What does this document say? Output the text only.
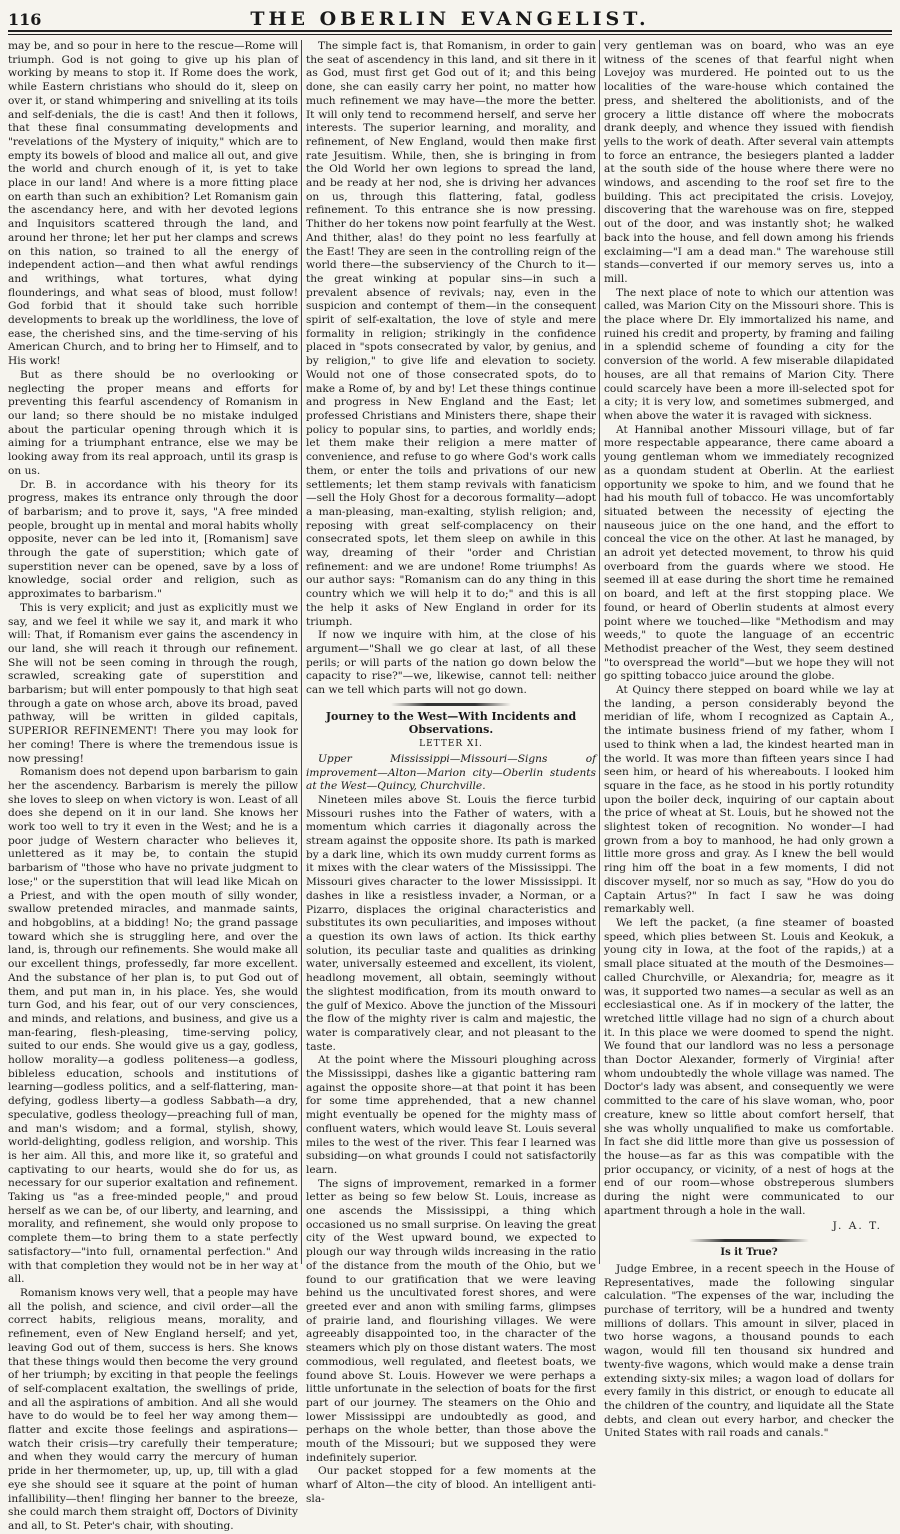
116	THE OBERLIN EVANGELIST.

may be, and so pour in here to the rescue—Rome will triumph. God is not going to give up his plan of working by means to stop it. If Rome does the work, while Eastern christians who should do it, sleep on over it, or stand whimpering and snivelling at its toils and self-denials, the die is cast! And then it follows, that these final consummating developments and "revelations of the Mystery of iniquity," which are to empty its bowels of blood and malice all out, and give the world and church enough of it, is yet to take place in our land! And where is a more fitting place on earth than such an exhibition? Let Romanism gain the ascendancy here, and with her devoted legions and Inquisitors scattered through the land, and around her throne; let her put her clamps and screws on this nation, so trained to all the energy of independent action—and then what awful rendings and writhings, what tortures, what dying flounderings, and what seas of blood, must follow! God forbid that it should take such horrible developments to break up the worldliness, the love of ease, the cherished sins, and the time-serving of his American Church, and to bring her to Himself, and to His work!

But as there should be no overlooking or neglecting the proper means and efforts for preventing this fearful ascendency of Romanism in our land; so there should be no mistake indulged about the particular opening through which it is aiming for a triumphant entrance, else we may be looking away from its real approach, until its grasp is on us.

Dr. B. in accordance with his theory for its progress, makes its entrance only through the door of barbarism; and to prove it, says, "A free minded people, brought up in mental and moral habits wholly opposite, never can be led into it, [Romanism] save through the gate of superstition; which gate of superstition never can be opened, save by a loss of knowledge, social order and religion, such as approximates to barbarism."

This is very explicit; and just as explicitly must we say, and we feel it while we say it, and mark it who will: That, if Romanism ever gains the ascendency in our land, she will reach it through our refinement. She will not be seen coming in through the rough, scrawled, screaking gate of superstition and barbarism; but will enter pompously to that high seat through a gate on whose arch, above its broad, paved pathway, will be written in gilded capitals, SUPERIOR REFINEMENT! There you may look for her coming! There is where the tremendous issue is now pressing!

Romanism does not depend upon barbarism to gain her the ascendency. Barbarism is merely the pillow she loves to sleep on when victory is won. Least of all does she depend on it in our land. She knows her work too well to try it even in the West; and he is a poor judge of Western character who believes it, unlettered as it may be, to contain the stupid barbarism of "those who have no private judgment to lose;" or the superstition that will lead like Micah on a Priest, and with the open mouth of silly wonder, swallow pretended miracles, and manmade saints, and hobgoblins, at a bidding! No; the grand passage toward which she is struggling here, and over the land, is, through our refinements. She would make all our excellent things, professedly, far more excellent. And the substance of her plan is, to put God out of them, and put man in, in his place. Yes, she would turn God, and his fear, out of our very consciences, and minds, and relations, and business, and give us a man-fearing, flesh-pleasing, time-serving policy, suited to our ends. She would give us a gay, godless, hollow morality—a godless politeness—a godless, bibleless education, schools and institutions of learning—godless politics, and a self-flattering, man-defying, godless liberty—a godless Sabbath—a dry, speculative, godless theology—preaching full of man, and man's wisdom; and a formal, stylish, showy, world-delighting, godless religion, and worship. This is her aim. All this, and more like it, so grateful and captivating to our hearts, would she do for us, as necessary for our superior exaltation and refinement. Taking us "as a free-minded people," and proud herself as we can be, of our liberty, and learning, and morality, and refinement, she would only propose to complete them—to bring them to a state perfectly satisfactory—"into full, ornamental perfection." And with that completion they would not be in her way at all.

Romanism knows very well, that a people may have all the polish, and science, and civil order—all the correct habits, religious means, morality, and refinement, even of New England herself; and yet, leaving God out of them, success is hers. She knows that these things would then become the very ground of her triumph; by exciting in that people the feelings of self-complacent exaltation, the swellings of pride, and all the aspirations of ambition. And all she would have to do would be to feel her way among them—flatter and excite those feelings and aspirations—watch their crisis—try carefully their temperature; and when they would carry the mercury of human pride in her thermometer, up, up, up, till with a glad eye she should see it square at the point of human infallibility—then! flinging her banner to the breeze, she could march them straight off, Doctors of Divinity and all, to St. Peter's chair, with shouting.

The simple fact is, that Romanism, in order to gain the seat of ascendency in this land, and sit there in it as God, must first get God out of it; and this being done, she can easily carry her point, no matter how much refinement we may have—the more the better. It will only tend to recommend herself, and serve her interests. The superior learning, and morality, and refinement, of New England, would then make first rate Jesuitism. While, then, she is bringing in from the Old World her own legions to spread the land, and be ready at her nod, she is driving her advances on us, through this flattering, fatal, godless refinement. To this entrance she is now pressing. Thither do her tokens now point fearfully at the West. And thither, alas! do they point no less fearfully at the East! They are seen in the controlling reign of the world there—the subserviency of the Church to it—the great winking at popular sins—in such a prevalent absence of revivals; nay, even in the suspicion and contempt of them—in the consequent spirit of self-exaltation, the love of style and mere formality in religion; strikingly in the confidence placed in "spots consecrated by valor, by genius, and by religion," to give life and elevation to society. Would not one of those consecrated spots, do to make a Rome of, by and by! Let these things continue and progress in New England and the East; let professed Christians and Ministers there, shape their policy to popular sins, to parties, and worldly ends; let them make their religion a mere matter of convenience, and refuse to go where God's work calls them, or enter the toils and privations of our new settlements; let them stamp revivals with fanaticism—sell the Holy Ghost for a decorous formality—adopt a man-pleasing, man-exalting, stylish religion; and, reposing with great self-complacency on their consecrated spots, let them sleep on awhile in this way, dreaming of their "order and Christian refinement: and we are undone! Rome triumphs! As our author says: "Romanism can do any thing in this country which we will help it to do;" and this is all the help it asks of New England in order for its triumph.

If now we inquire with him, at the close of his argument—"Shall we go clear at last, of all these perils; or will parts of the nation go down below the capacity to rise?"—we, likewise, cannot tell: neither can we tell which parts will not go down.

Journey to the West—With Incidents and Observations.
LETTER XI.

Upper Mississippi—Missouri—Signs of improvement—Alton—Marion city—Oberlin students at the West—Quincy, Churchville.

Nineteen miles above St. Louis the fierce turbid Missouri rushes into the Father of waters, with a momentum which carries it diagonally across the stream against the opposite shore. Its path is marked by a dark line, which its own muddy current forms as it mixes with the clear waters of the Mississippi. The Missouri gives character to the lower Mississippi. It dashes in like a resistless invader, a Norman, or a Pizarro, displaces the original characteristics and substitutes its own peculiarities, and imposes without a question its own laws of action. Its thick earthy solution, its peculiar taste and qualities as drinking water, universally esteemed and excellent, its violent, headlong movement, all obtain, seemingly without the slightest modification, from its mouth onward to the gulf of Mexico. Above the junction of the Missouri the flow of the mighty river is calm and majestic, the water is comparatively clear, and not pleasant to the taste.

At the point where the Missouri ploughing across the Mississippi, dashes like a gigantic battering ram against the opposite shore—at that point it has been for some time apprehended, that a new channel might eventually be opened for the mighty mass of confluent waters, which would leave St. Louis several miles to the west of the river. This fear I learned was subsiding—on what grounds I could not satisfactorily learn.

The signs of improvement, remarked in a former letter as being so few below St. Louis, increase as one ascends the Mississippi, a thing which occasioned us no small surprise. On leaving the great city of the West upward bound, we expected to plough our way through wilds increasing in the ratio of the distance from the mouth of the Ohio, but we found to our gratification that we were leaving behind us the uncultivated forest shores, and were greeted ever and anon with smiling farms, glimpses of prairie land, and flourishing villages. We were agreeably disappointed too, in the character of the steamers which ply on those distant waters. The most commodious, well regulated, and fleetest boats, we found above St. Louis. However we were perhaps a little unfortunate in the selection of boats for the first part of our journey. The steamers on the Ohio and lower Mississippi are undoubtedly as good, and perhaps on the whole better, than those above the mouth of the Missouri; but we supposed they were indefinitely superior.

Our packet stopped for a few moments at the wharf of Alton—the city of blood. An intelligent anti-sla-

very gentleman was on board, who was an eye witness of the scenes of that fearful night when Lovejoy was murdered. He pointed out to us the localities of the ware-house which contained the press, and sheltered the abolitionists, and of the grocery a little distance off where the mobocrats drank deeply, and whence they issued with fiendish yells to the work of death. After several vain attempts to force an entrance, the besiegers planted a ladder at the south side of the house where there were no windows, and ascending to the roof set fire to the building. This act precipitated the crisis. Lovejoy, discovering that the warehouse was on fire, stepped out of the door, and was instantly shot; he walked back into the house, and fell down among his friends exclaiming—"I am a dead man." The warehouse still stands—converted if our memory serves us, into a mill.

The next place of note to which our attention was called, was Marion City on the Missouri shore. This is the place where Dr. Ely immortalized his name, and ruined his credit and property, by framing and failing in a splendid scheme of founding a city for the conversion of the world. A few miserable dilapidated houses, are all that remains of Marion City. There could scarcely have been a more ill-selected spot for a city; it is very low, and sometimes submerged, and when above the water it is ravaged with sickness.

At Hannibal another Missouri village, but of far more respectable appearance, there came aboard a young gentleman whom we immediately recognized as a quondam student at Oberlin. At the earliest opportunity we spoke to him, and we found that he had his mouth full of tobacco. He was uncomfortably situated between the necessity of ejecting the nauseous juice on the one hand, and the effort to conceal the vice on the other. At last he managed, by an adroit yet detected movement, to throw his quid overboard from the guards where we stood. He seemed ill at ease during the short time he remained on board, and left at the first stopping place. We found, or heard of Oberlin students at almost every point where we touched—like "Methodism and may weeds," to quote the language of an eccentric Methodist preacher of the West, they seem destined "to overspread the world"—but we hope they will not go spitting tobacco juice around the globe.

At Quincy there stepped on board while we lay at the landing, a person considerably beyond the meridian of life, whom I recognized as Captain A., the intimate business friend of my father, whom I used to think when a lad, the kindest hearted man in the world. It was more than fifteen years since I had seen him, or heard of his whereabouts. I looked him square in the face, as he stood in his portly rotundity upon the boiler deck, inquiring of our captain about the price of wheat at St. Louis, but he showed not the slightest token of recognition. No wonder—I had grown from a boy to manhood, he had only grown a little more gross and gray. As I knew the bell would ring him off the boat in a few moments, I did not discover myself, nor so much as say, "How do you do Captain Artus?" In fact I saw he was doing remarkably well.

We left the packet, (a fine steamer of boasted speed, which plies between St. Louis and Keokuk, a young city in Iowa, at the foot of the rapids,) at a small place situated at the mouth of the Desmoines—called Churchville, or Alexandria; for, meagre as it was, it supported two names—a secular as well as an ecclesiastical one. As if in mockery of the latter, the wretched little village had no sign of a church about it. In this place we were doomed to spend the night. We found that our landlord was no less a personage than Doctor Alexander, formerly of Virginia! after whom undoubtedly the whole village was named. The Doctor's lady was absent, and consequently we were committed to the care of his slave woman, who, poor creature, knew so little about comfort herself, that she was wholly unqualified to make us comfortable. In fact she did little more than give us possession of the house—as far as this was compatible with the prior occupancy, or vicinity, of a nest of hogs at the end of our room—whose obstreperous slumbers during the night were communicated to our apartment through a hole in the wall.

J. A. T.
Is it True?

Judge Embree, in a recent speech in the House of Representatives, made the following singular calculation. "The expenses of the war, including the purchase of territory, will be a hundred and twenty millions of dollars. This amount in silver, placed in two horse wagons, a thousand pounds to each wagon, would fill ten thousand six hundred and twenty-five wagons, which would make a dense train extending sixty-six miles; a wagon load of dollars for every family in this district, or enough to educate all the children of the country, and liquidate all the State debts, and clean out every harbor, and checker the United States with rail roads and canals."
